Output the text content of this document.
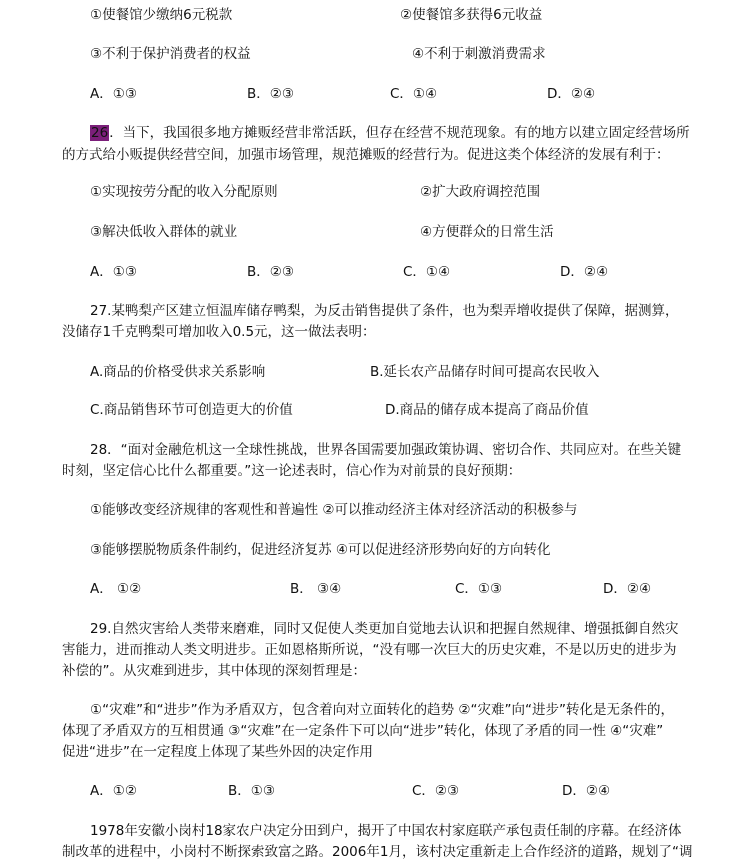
①使餐馆少缴纳6元税款	②使餐馆多获得6元收益
③不利于保护消费者的权益	④不利于刺激消费需求
A．①③	B．②③	C．①④	D．②④
26．当下，我国很多地方摊贩经营非常活跃，但存在经营不规范现象。有的地方以建立固定经营场所
的方式给小贩提供经营空间，加强市场管理，规范摊贩的经营行为。促进这类个体经济的发展有利于：
①实现按劳分配的收入分配原则	②扩大政府调控范围
③解决低收入群体的就业	④方便群众的日常生活
A．①③	B．②③	C．①④	D．②④
27.某鸭梨产区建立恒温库储存鸭梨，为反击销售提供了条件，也为梨弄增收提供了保障，据测算，
没储存1千克鸭梨可增加收入0.5元，这一做法表明：
A.商品的价格受供求关系影响	B.延长农产品储存时间可提高农民收入
C.商品销售环节可创造更大的价值	D.商品的储存成本提高了商品价值
28．“面对金融危机这一全球性挑战，世界各国需要加强政策协调、密切合作、共同应对。在些关键
时刻，坚定信心比什么都重要。”这一论述表时，信心作为对前景的良好预期：
①能够改变经济规律的客观性和普遍性 ②可以推动经济主体对经济活动的积极参与
③能够摆脱物质条件制约，促进经济复苏 ④可以促进经济形势向好的方向转化
A． ①②	B． ③④	C．①③	D．②④
29.自然灾害给人类带来磨难，同时又促使人类更加自觉地去认识和把握自然规律、增强抵御自然灾
害能力，进而推动人类文明进步。正如恩格斯所说，“没有哪一次巨大的历史灾难，不是以历史的进步为
补偿的”。从灾难到进步，其中体现的深刻哲理是：
①“灾难”和“进步”作为矛盾双方，包含着向对立面转化的趋势 ②“灾难”向“进步”转化是无条件的，
体现了矛盾双方的互相贯通 ③“灾难”在一定条件下可以向“进步”转化，体现了矛盾的同一性 ④“灾难”
促进“进步”在一定程度上体现了某些外因的决定作用
A．①②	B．①③	C．②③	D．②④
1978年安徽小岗村18家农户决定分田到户，揭开了中国农村家庭联产承包责任制的序幕。在经济体
制改革的进程中，小岗村不断探索致富之路。2006年1月，该村决定重新走上合作经济的道路，规划了“调
